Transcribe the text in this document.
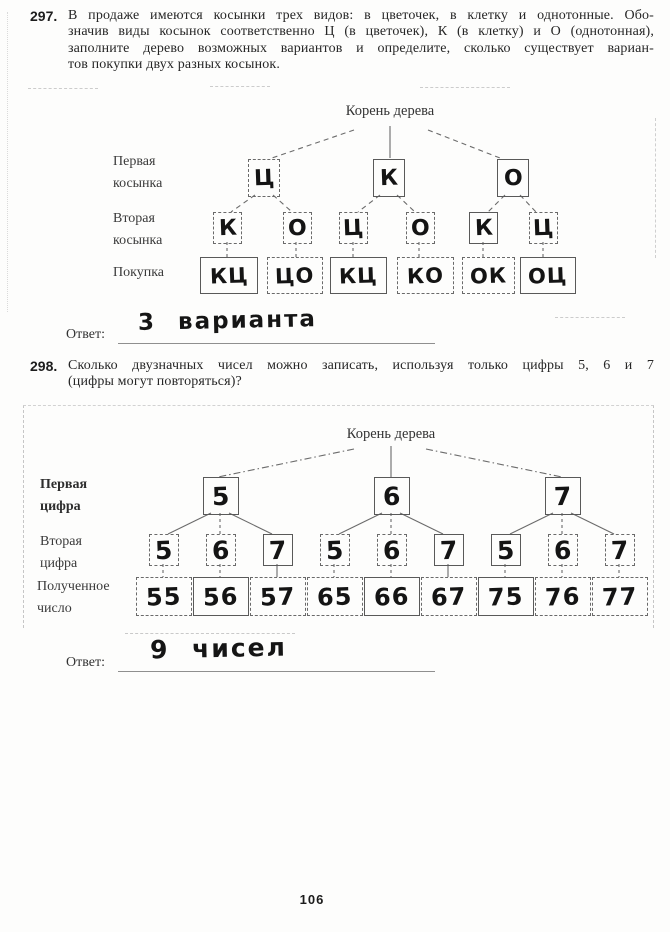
297. В продаже имеются косынки трех видов: в цветочек, в клетку и однотонные. Обо-
значив виды косынок соответственно Ц (в цветочек), К (в клетку) и О (однотонная),
заполните дерево возможных вариантов и определите, сколько существует вариан-
тов покупки двух разных косынок.
Корень дерева
Первая косынка
Вторая косынка
Покупка
Ц	К	О
К О Ц О К Ц
КЦ ЦО КЦ КО ОК ОЦ
Ответ: 3 варианта
298. Сколько двузначных чисел можно записать, используя только цифры 5, 6 и 7
(цифры могут повторяться)?
Корень дерева
Первая цифра
Вторая цифра
Полученное число
5	6	7
5 6 7 5 6 7 5 6 7
55 56 57 65 66 67 75 76 77
Ответ: 9 чисел
106
